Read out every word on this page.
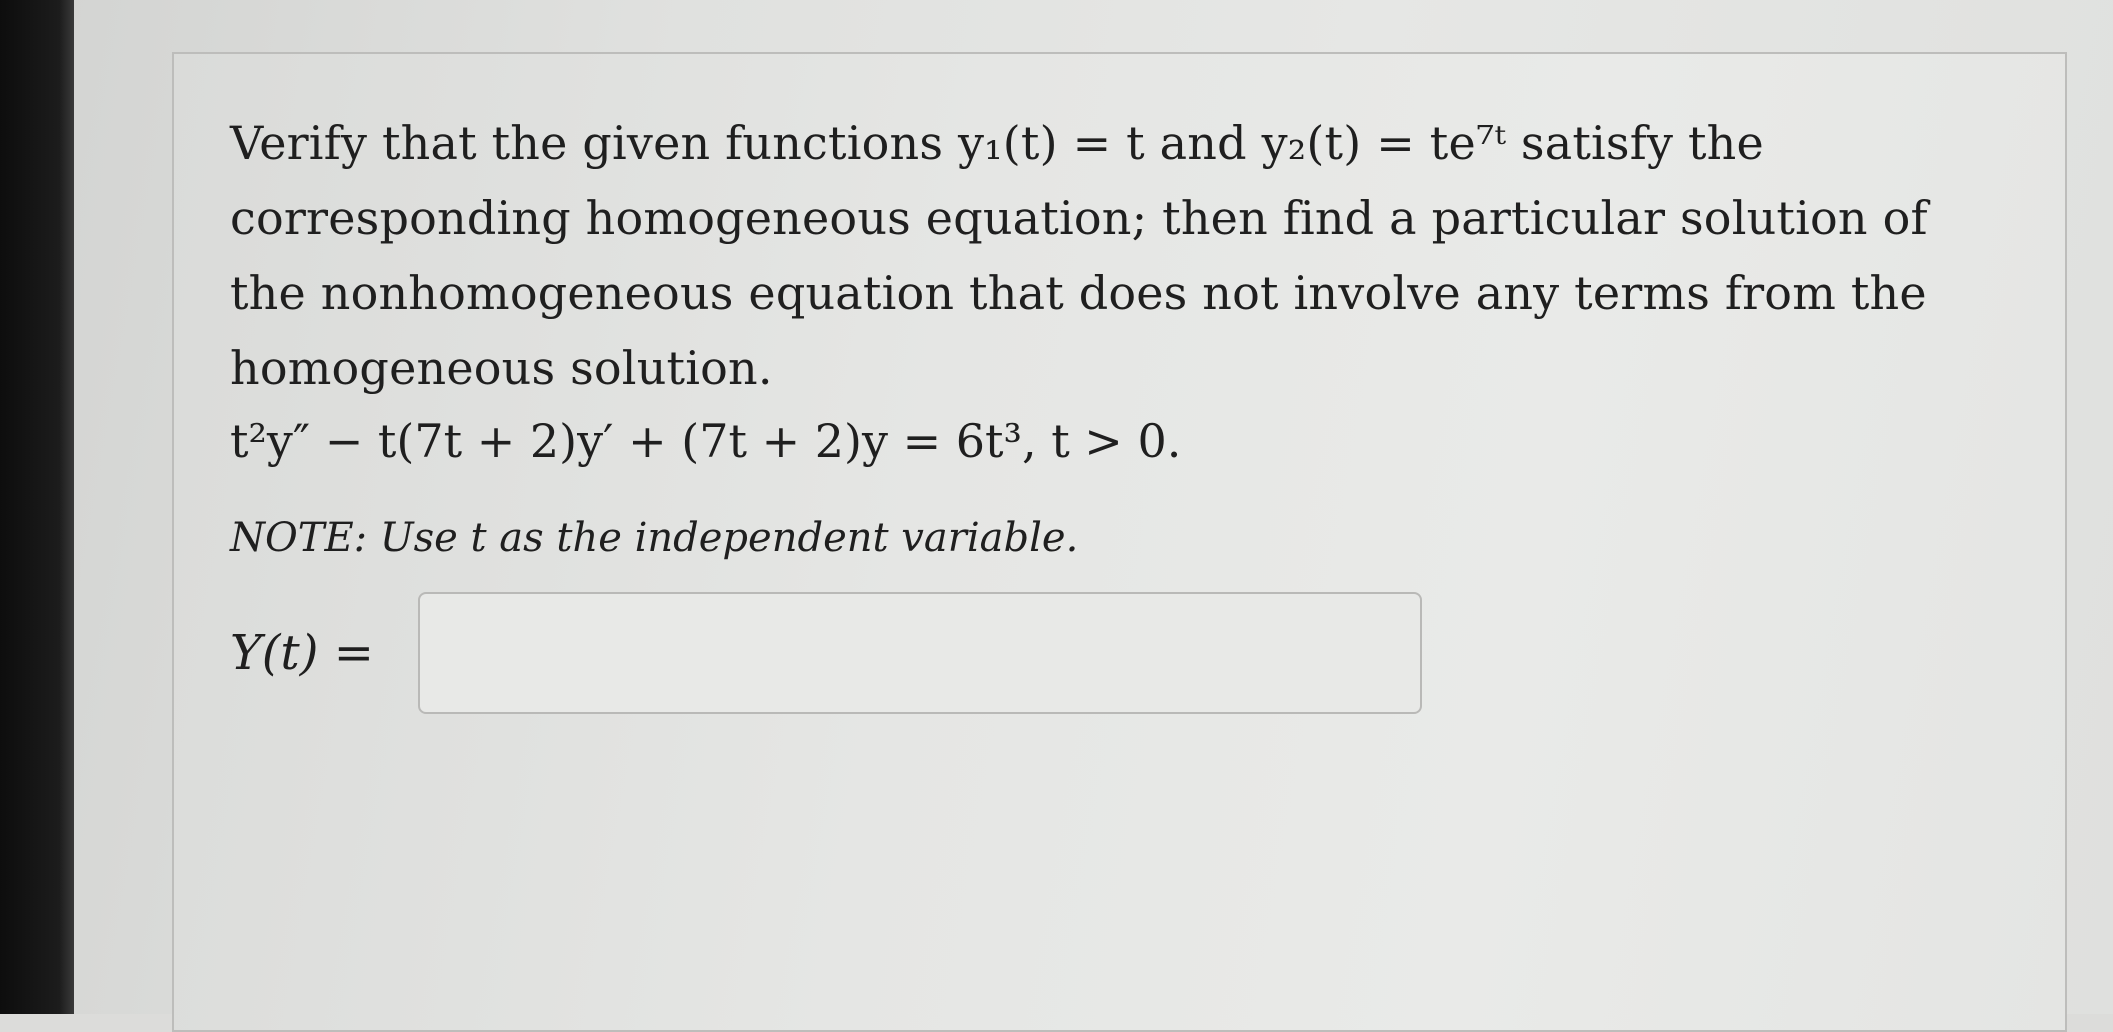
Verify that the given functions y₁(t) = t and y₂(t) = te⁷ᵗ satisfy the corresponding homogeneous equation; then find a particular solution of the nonhomogeneous equation that does not involve any terms from the homogeneous solution.

t²y″ − t(7t + 2)y′ + (7t + 2)y = 6t³, t > 0.

NOTE: Use t as the independent variable.

Y(t) =
